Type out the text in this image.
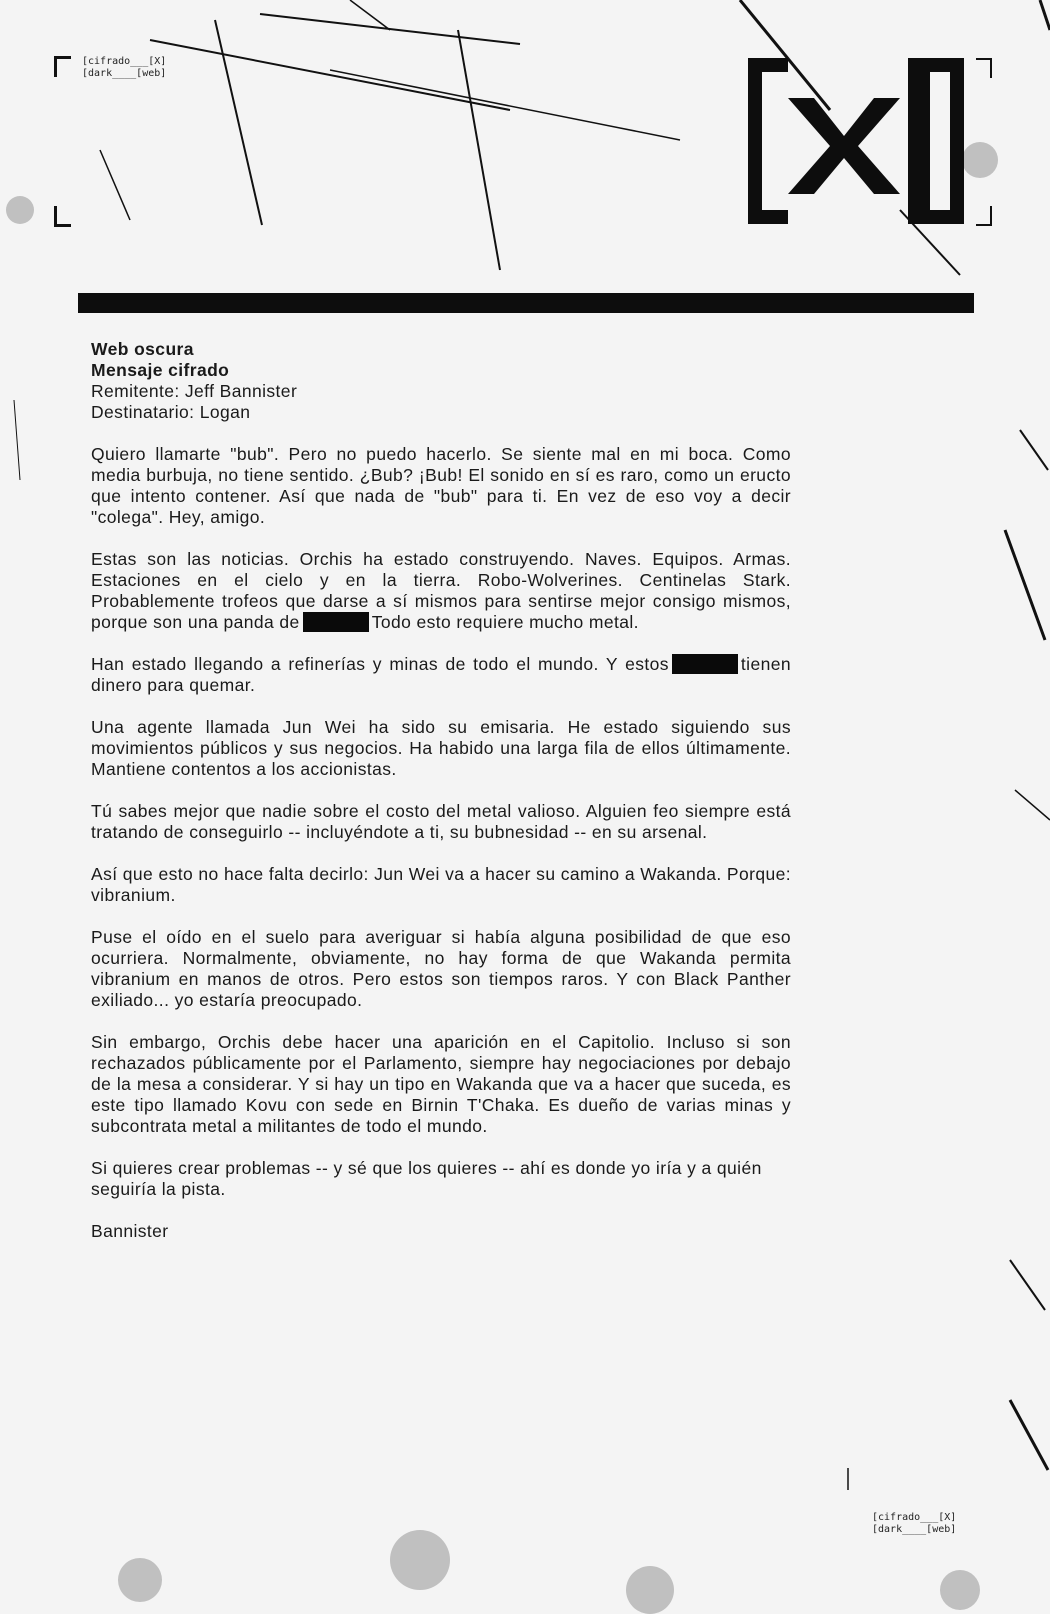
[cifrado___[X]
[dark____[web]
Web oscura
Mensaje cifrado
Remitente: Jeff Bannister
Destinatario: Logan
Quiero llamarte "bub". Pero no puedo hacerlo. Se siente mal en mi boca. Como media burbuja, no tiene sentido. ¿Bub? ¡Bub! El sonido en sí es raro, como un eructo que intento contener. Así que nada de "bub" para ti. En vez de eso voy a decir "colega". Hey, amigo.
Estas son las noticias. Orchis ha estado construyendo. Naves. Equipos. Armas. Estaciones en el cielo y en la tierra. Robo-Wolverines. Centinelas Stark. Probablemente trofeos que darse a sí mismos para sentirse mejor consigo mismos, porque son una panda de	Todo esto requiere mucho metal.
Han estado llegando a refinerías y minas de todo el mundo. Y estos	tienen dinero para quemar.
Una agente llamada Jun Wei ha sido su emisaria. He estado siguiendo sus movimientos públicos y sus negocios. Ha habido una larga fila de ellos últimamente. Mantiene contentos a los accionistas.
Tú sabes mejor que nadie sobre el costo del metal valioso. Alguien feo siempre está tratando de conseguirlo -- incluyéndote a ti, su bubnesidad -- en su arsenal.
Así que esto no hace falta decirlo: Jun Wei va a hacer su camino a Wakanda. Porque: vibranium.
Puse el oído en el suelo para averiguar si había alguna posibilidad de que eso ocurriera. Normalmente, obviamente, no hay forma de que Wakanda permita vibranium en manos de otros. Pero estos son tiempos raros. Y con Black Panther exiliado... yo estaría preocupado.
Sin embargo, Orchis debe hacer una aparición en el Capitolio. Incluso si son rechazados públicamente por el Parlamento, siempre hay negociaciones por debajo de la mesa a considerar. Y si hay un tipo en Wakanda que va a hacer que suceda, es este tipo llamado Kovu con sede en Birnin T'Chaka. Es dueño de varias minas y subcontrata metal a militantes de todo el mundo.
Si quieres crear problemas -- y sé que los quieres -- ahí es donde yo iría y a quién seguiría la pista.
Bannister
[cifrado___[X]
[dark____[web]
